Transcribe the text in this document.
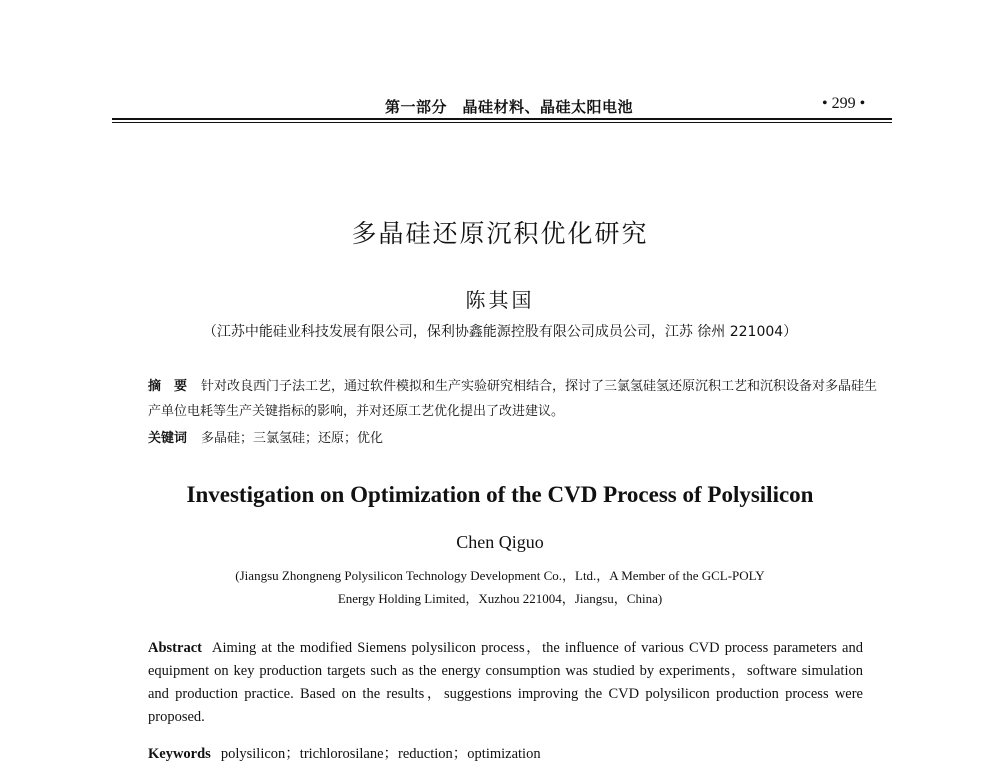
第一部分　晶硅材料、晶硅太阳电池	• 299 •
多晶硅还原沉积优化研究
陈其国
（江苏中能硅业科技发展有限公司，保利协鑫能源控股有限公司成员公司，江苏 徐州 221004）
摘　要 针对改良西门子法工艺，通过软件模拟和生产实验研究相结合，探讨了三氯氢硅氢还原沉积工艺和沉积设备对多晶硅生产单位电耗等生产关键指标的影响，并对还原工艺优化提出了改进建议。
关键词 多晶硅；三氯氢硅；还原；优化
Investigation on Optimization of the CVD Process of Polysilicon
Chen Qiguo
(Jiangsu Zhongneng Polysilicon Technology Development Co.，Ltd.，A Member of the GCL-POLY
Energy Holding Limited，Xuzhou 221004，Jiangsu，China)
Abstract Aiming at the modified Siemens polysilicon process，the influence of various CVD process parameters and equipment on key production targets such as the energy consumption was studied by experiments，software simulation and production practice. Based on the results，suggestions improving the CVD polysilicon production process were proposed.
Keywords polysilicon；trichlorosilane；reduction；optimization
